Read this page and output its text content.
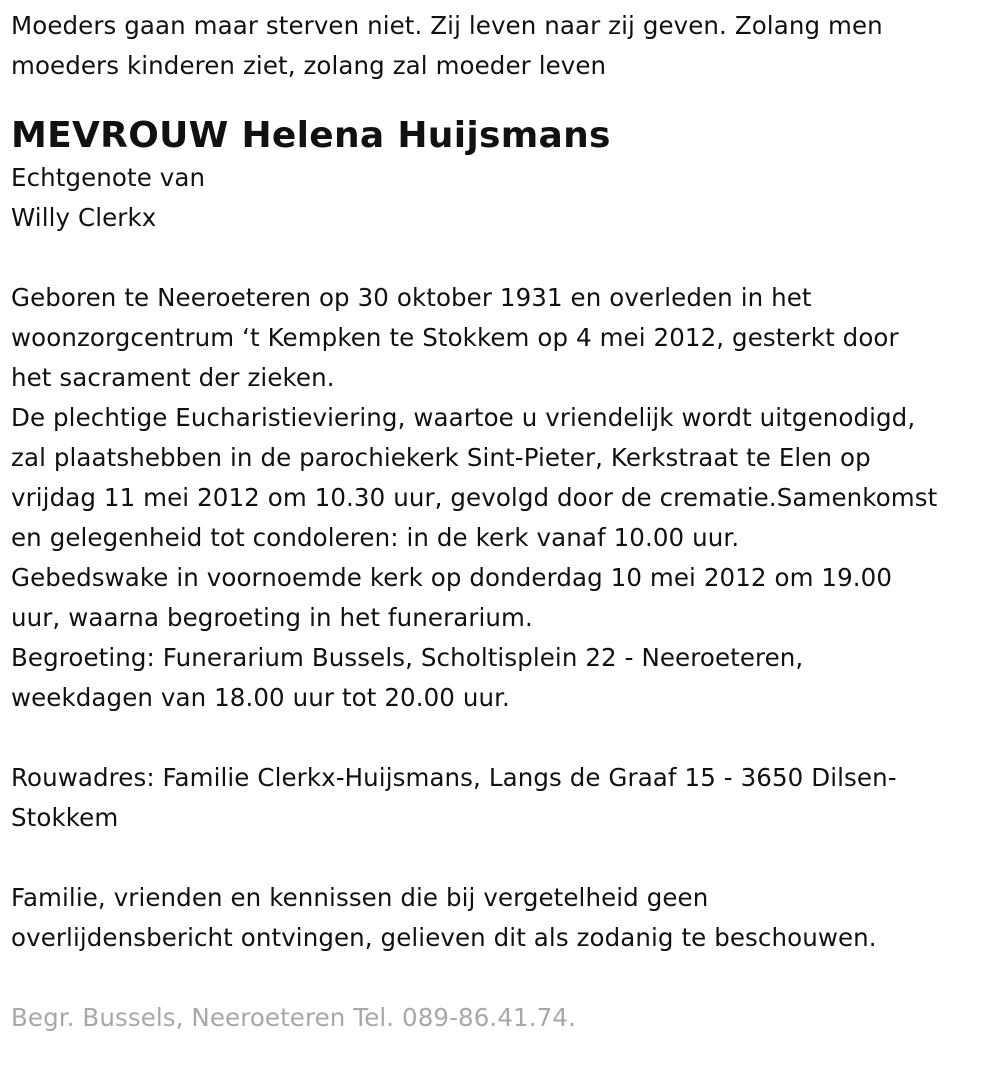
Moeders gaan maar sterven niet. Zij leven naar zij geven. Zolang men
moeders kinderen ziet, zolang zal moeder leven
MEVROUW Helena Huijsmans
Echtgenote van
Willy Clerkx
Geboren te Neeroeteren op 30 oktober 1931 en overleden in het
woonzorgcentrum ‘t Kempken te Stokkem op 4 mei 2012, gesterkt door
het sacrament der zieken.
De plechtige Eucharistieviering, waartoe u vriendelijk wordt uitgenodigd,
zal plaatshebben in de parochiekerk Sint-Pieter, Kerkstraat te Elen op
vrijdag 11 mei 2012 om 10.30 uur, gevolgd door de crematie.Samenkomst
en gelegenheid tot condoleren: in de kerk vanaf 10.00 uur.
Gebedswake in voornoemde kerk op donderdag 10 mei 2012 om 19.00
uur, waarna begroeting in het funerarium.
Begroeting: Funerarium Bussels, Scholtisplein 22 - Neeroeteren,
weekdagen van 18.00 uur tot 20.00 uur.
Rouwadres: Familie Clerkx-Huijsmans, Langs de Graaf 15 - 3650 Dilsen-
Stokkem
Familie, vrienden en kennissen die bij vergetelheid geen
overlijdensbericht ontvingen, gelieven dit als zodanig te beschouwen.
Begr. Bussels, Neeroeteren Tel. 089-86.41.74.
